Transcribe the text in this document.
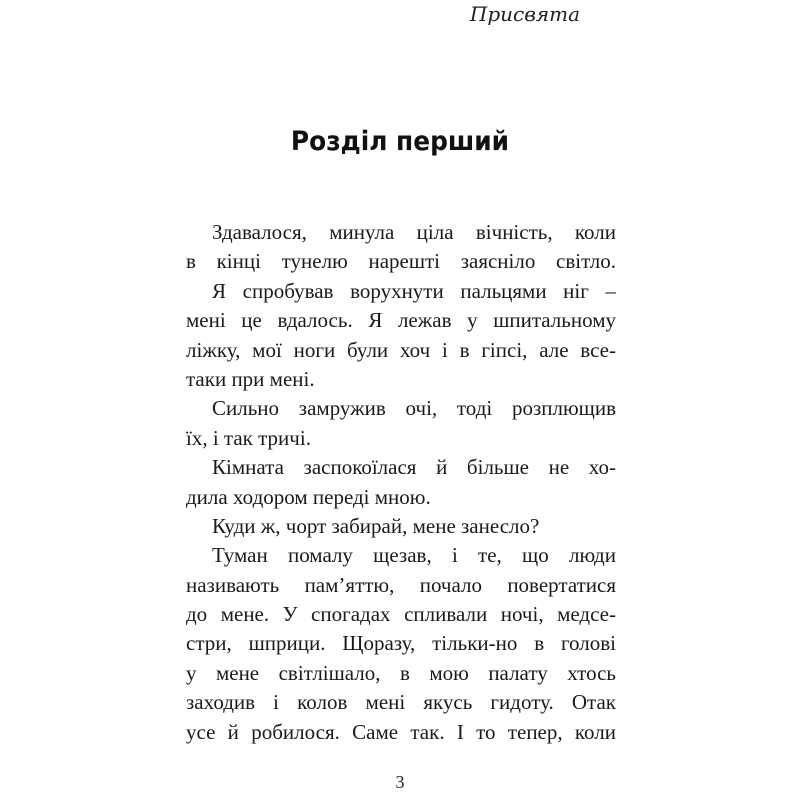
Присвята
Розділ перший
Здавалося, минула ціла вічність, коли
в кінці тунелю нарешті заясніло світло.
Я спробував ворухнути пальцями ніг –
мені це вдалось. Я лежав у шпитальному
ліжку, мої ноги були хоч і в гіпсі, але все-
таки при мені.
Сильно замружив очі, тоді розплющив
їх, і так тричі.
Кімната заспокоїлася й більше не хо-
дила ходором переді мною.
Куди ж, чорт забирай, мене занесло?
Туман помалу щезав, і те, що люди
називають пам’яттю, почало повертатися
до мене. У спогадах спливали ночі, медсе-
стри, шприци. Щоразу, тільки-но в голові
у мене світлішало, в мою палату хтось
заходив і колов мені якусь гидоту. Отак
усе й робилося. Саме так. І то тепер, коли
3
